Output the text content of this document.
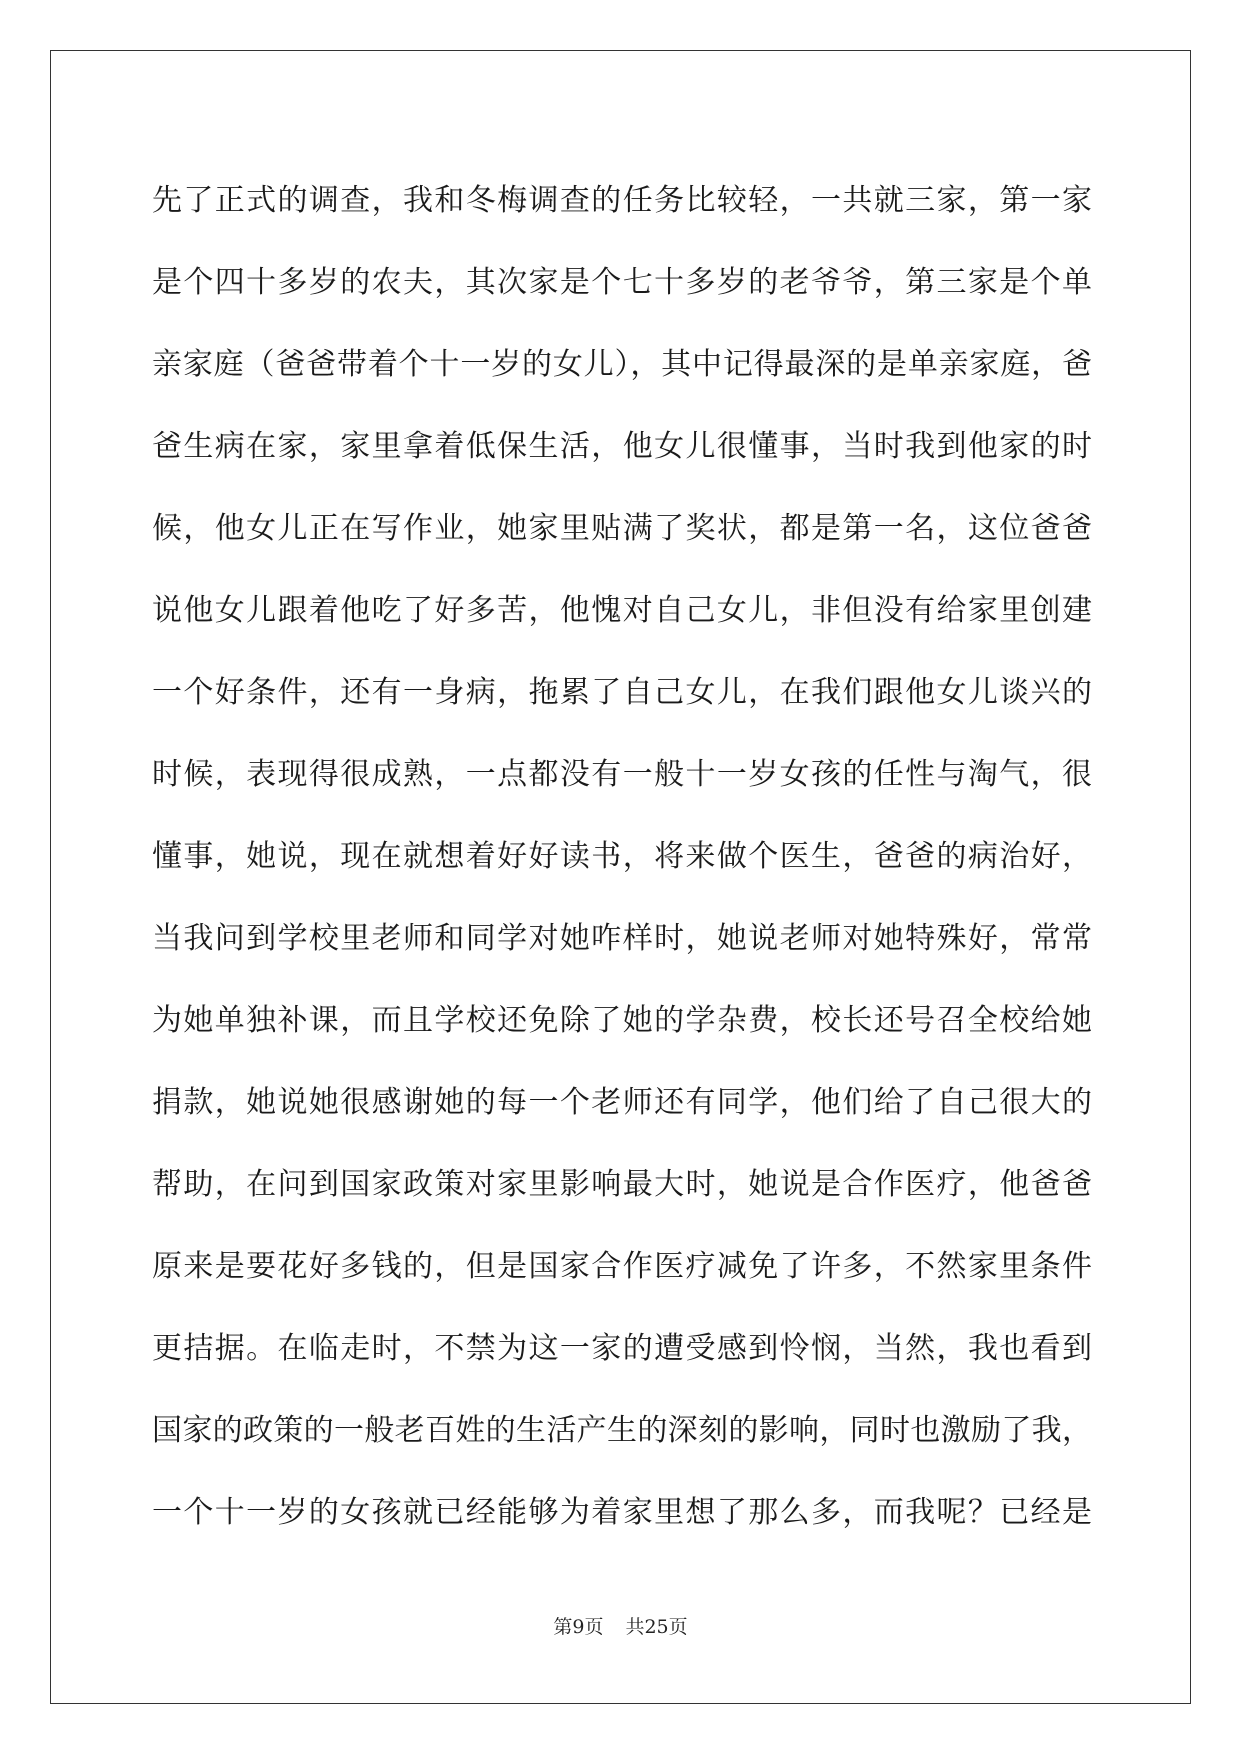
先了正式的调查，我和冬梅调查的任务比较轻，一共就三家，第一家
是个四十多岁的农夫，其次家是个七十多岁的老爷爷，第三家是个单
亲家庭（爸爸带着个十一岁的女儿），其中记得最深的是单亲家庭，爸
爸生病在家，家里拿着低保生活，他女儿很懂事，当时我到他家的时
候，他女儿正在写作业，她家里贴满了奖状，都是第一名，这位爸爸
说他女儿跟着他吃了好多苦，他愧对自己女儿，非但没有给家里创建
一个好条件，还有一身病，拖累了自己女儿，在我们跟他女儿谈兴的
时候，表现得很成熟，一点都没有一般十一岁女孩的任性与淘气，很
懂事，她说，现在就想着好好读书，将来做个医生，爸爸的病治好，
当我问到学校里老师和同学对她咋样时，她说老师对她特殊好，常常
为她单独补课，而且学校还免除了她的学杂费，校长还号召全校给她
捐款，她说她很感谢她的每一个老师还有同学，他们给了自己很大的
帮助，在问到国家政策对家里影响最大时，她说是合作医疗，他爸爸
原来是要花好多钱的，但是国家合作医疗减免了许多，不然家里条件
更拮据。在临走时，不禁为这一家的遭受感到怜悯，当然，我也看到
国家的政策的一般老百姓的生活产生的深刻的影响，同时也激励了我，
一个十一岁的女孩就已经能够为着家里想了那么多，而我呢？已经是
第9页 共25页
